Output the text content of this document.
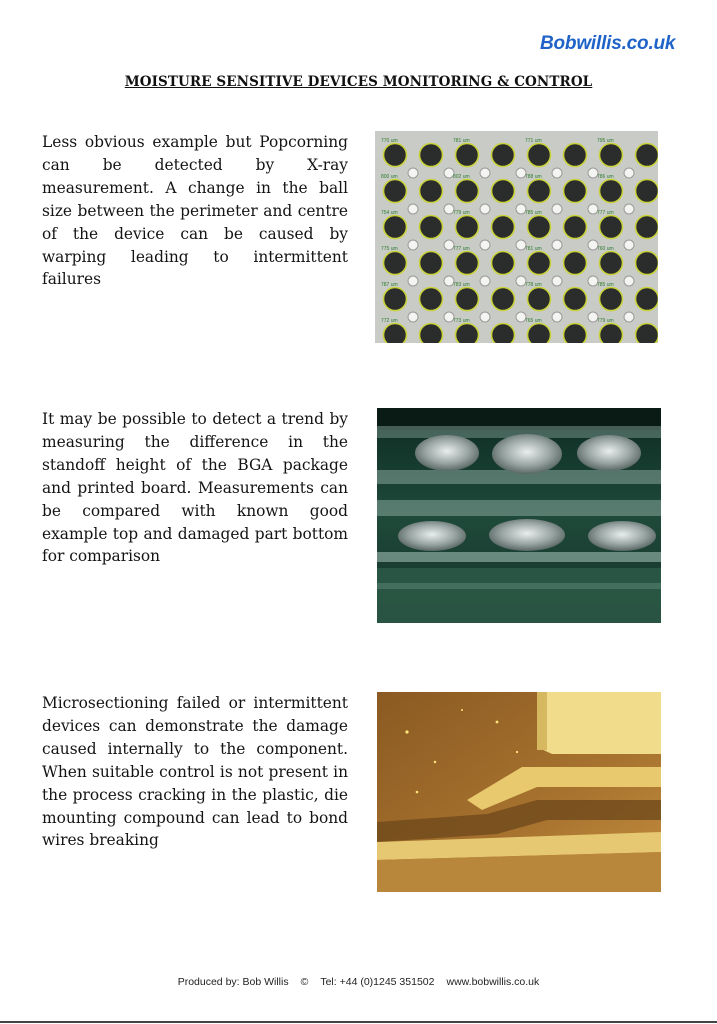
Bobwillis.co.uk
MOISTURE SENSITIVE DEVICES MONITORING & CONTROL

Less obvious example but Popcorning can be detected by X-ray measurement. A change in the ball size between the perimeter and centre of the device can be caused by warping leading to intermittent failures

770 um	781 um	771 um	795 um
800 um	802 um	788 um	786 um
754 um	779 um	785 um	777 um
775 um	777 um	781 um	760 um
787 um	783 um	778 um	785 um
772 um	773 um	765 um	779 um

It may be possible to detect a trend by measuring the difference in the standoff height of the BGA package and printed board. Measurements can be compared with known good example top and damaged part bottom for comparison

Microsectioning failed or intermittent devices can demonstrate the damage caused internally to the component. When suitable control is not present in the process cracking in the plastic, die mounting compound can lead to bond wires breaking

Produced by: Bob Willis © Tel: +44 (0)1245 351502 www.bobwillis.co.uk
